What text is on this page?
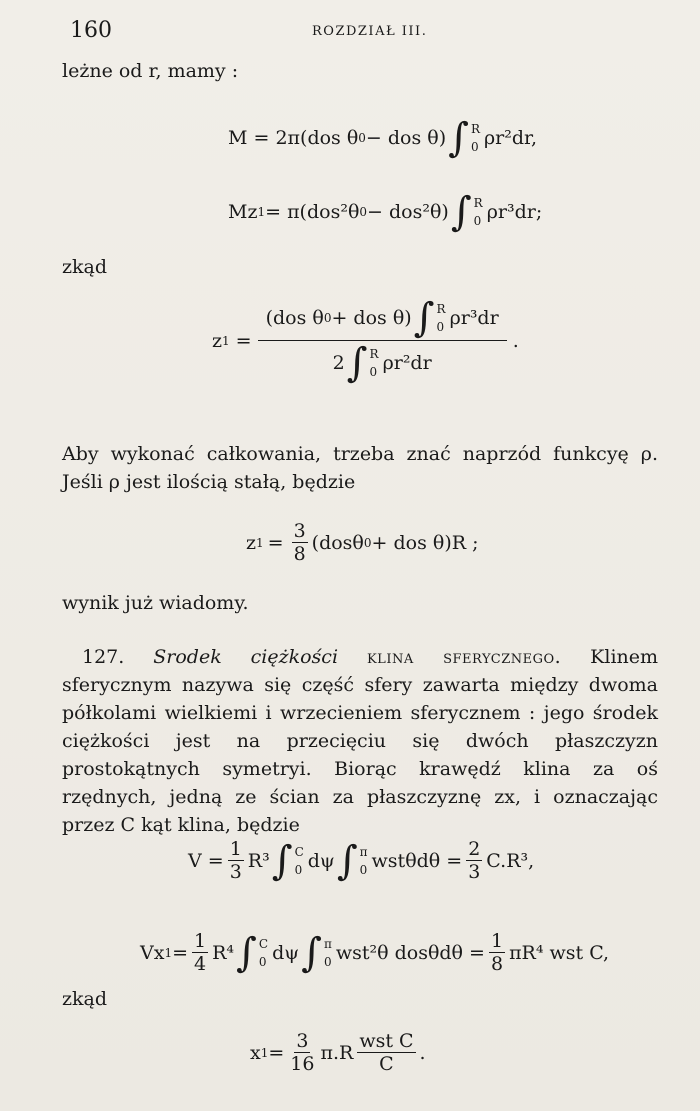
160	ROZDZIAŁ III.
leżne od r, mamy :
M = 2π(dos θ 0 − dos θ) ∫ R
0 ρr²dr,
Mz 1 = π(dos²θ 0 − dos²θ) ∫ R
0 ρr³dr;
zkąd
z 1 = (dos θ 0 + dos θ) ∫ R
0 ρr³dr
2 ∫ R
0 ρr²dr .
Aby wykonać całkowania, trzeba znać naprzód funkcyę ρ. Jeśli ρ jest ilością stałą, będzie
z $1 = \frac{3}{8} (dos\theta$ 0 + dos θ)R ;
wynik już wiadomy.
127. Srodek ciężkości klina sferycznego. Klinem sferycznym nazywa się część sfery zawarta między dwoma półkolami wielkiemi i wrzecieniem sferycznem : jego środek ciężkości jest na przecięciu się dwóch płaszczyzn prostokątnych symetryi. Biorąc krawędź klina za oś rzędnych, jedną ze ścian za płaszczyznę zx, i oznaczając przez C kąt klina, będzie
$V = \frac{1}{3} R^3$ ∫ C
0 dψ ∫ π
0 $wst\theta d\theta = \frac{2}{3} C.R^3$,
Vx $1 = \frac{1}{4} R^4$ ∫ C
0 dψ ∫ π
0 wst²θ $dos\theta d\theta = \frac{1}{8} \pi R^4$ wst C,
zkąd
x $1 = \frac{3}{16} \pi.R \frac{\text{wst C}}{C}$ .
